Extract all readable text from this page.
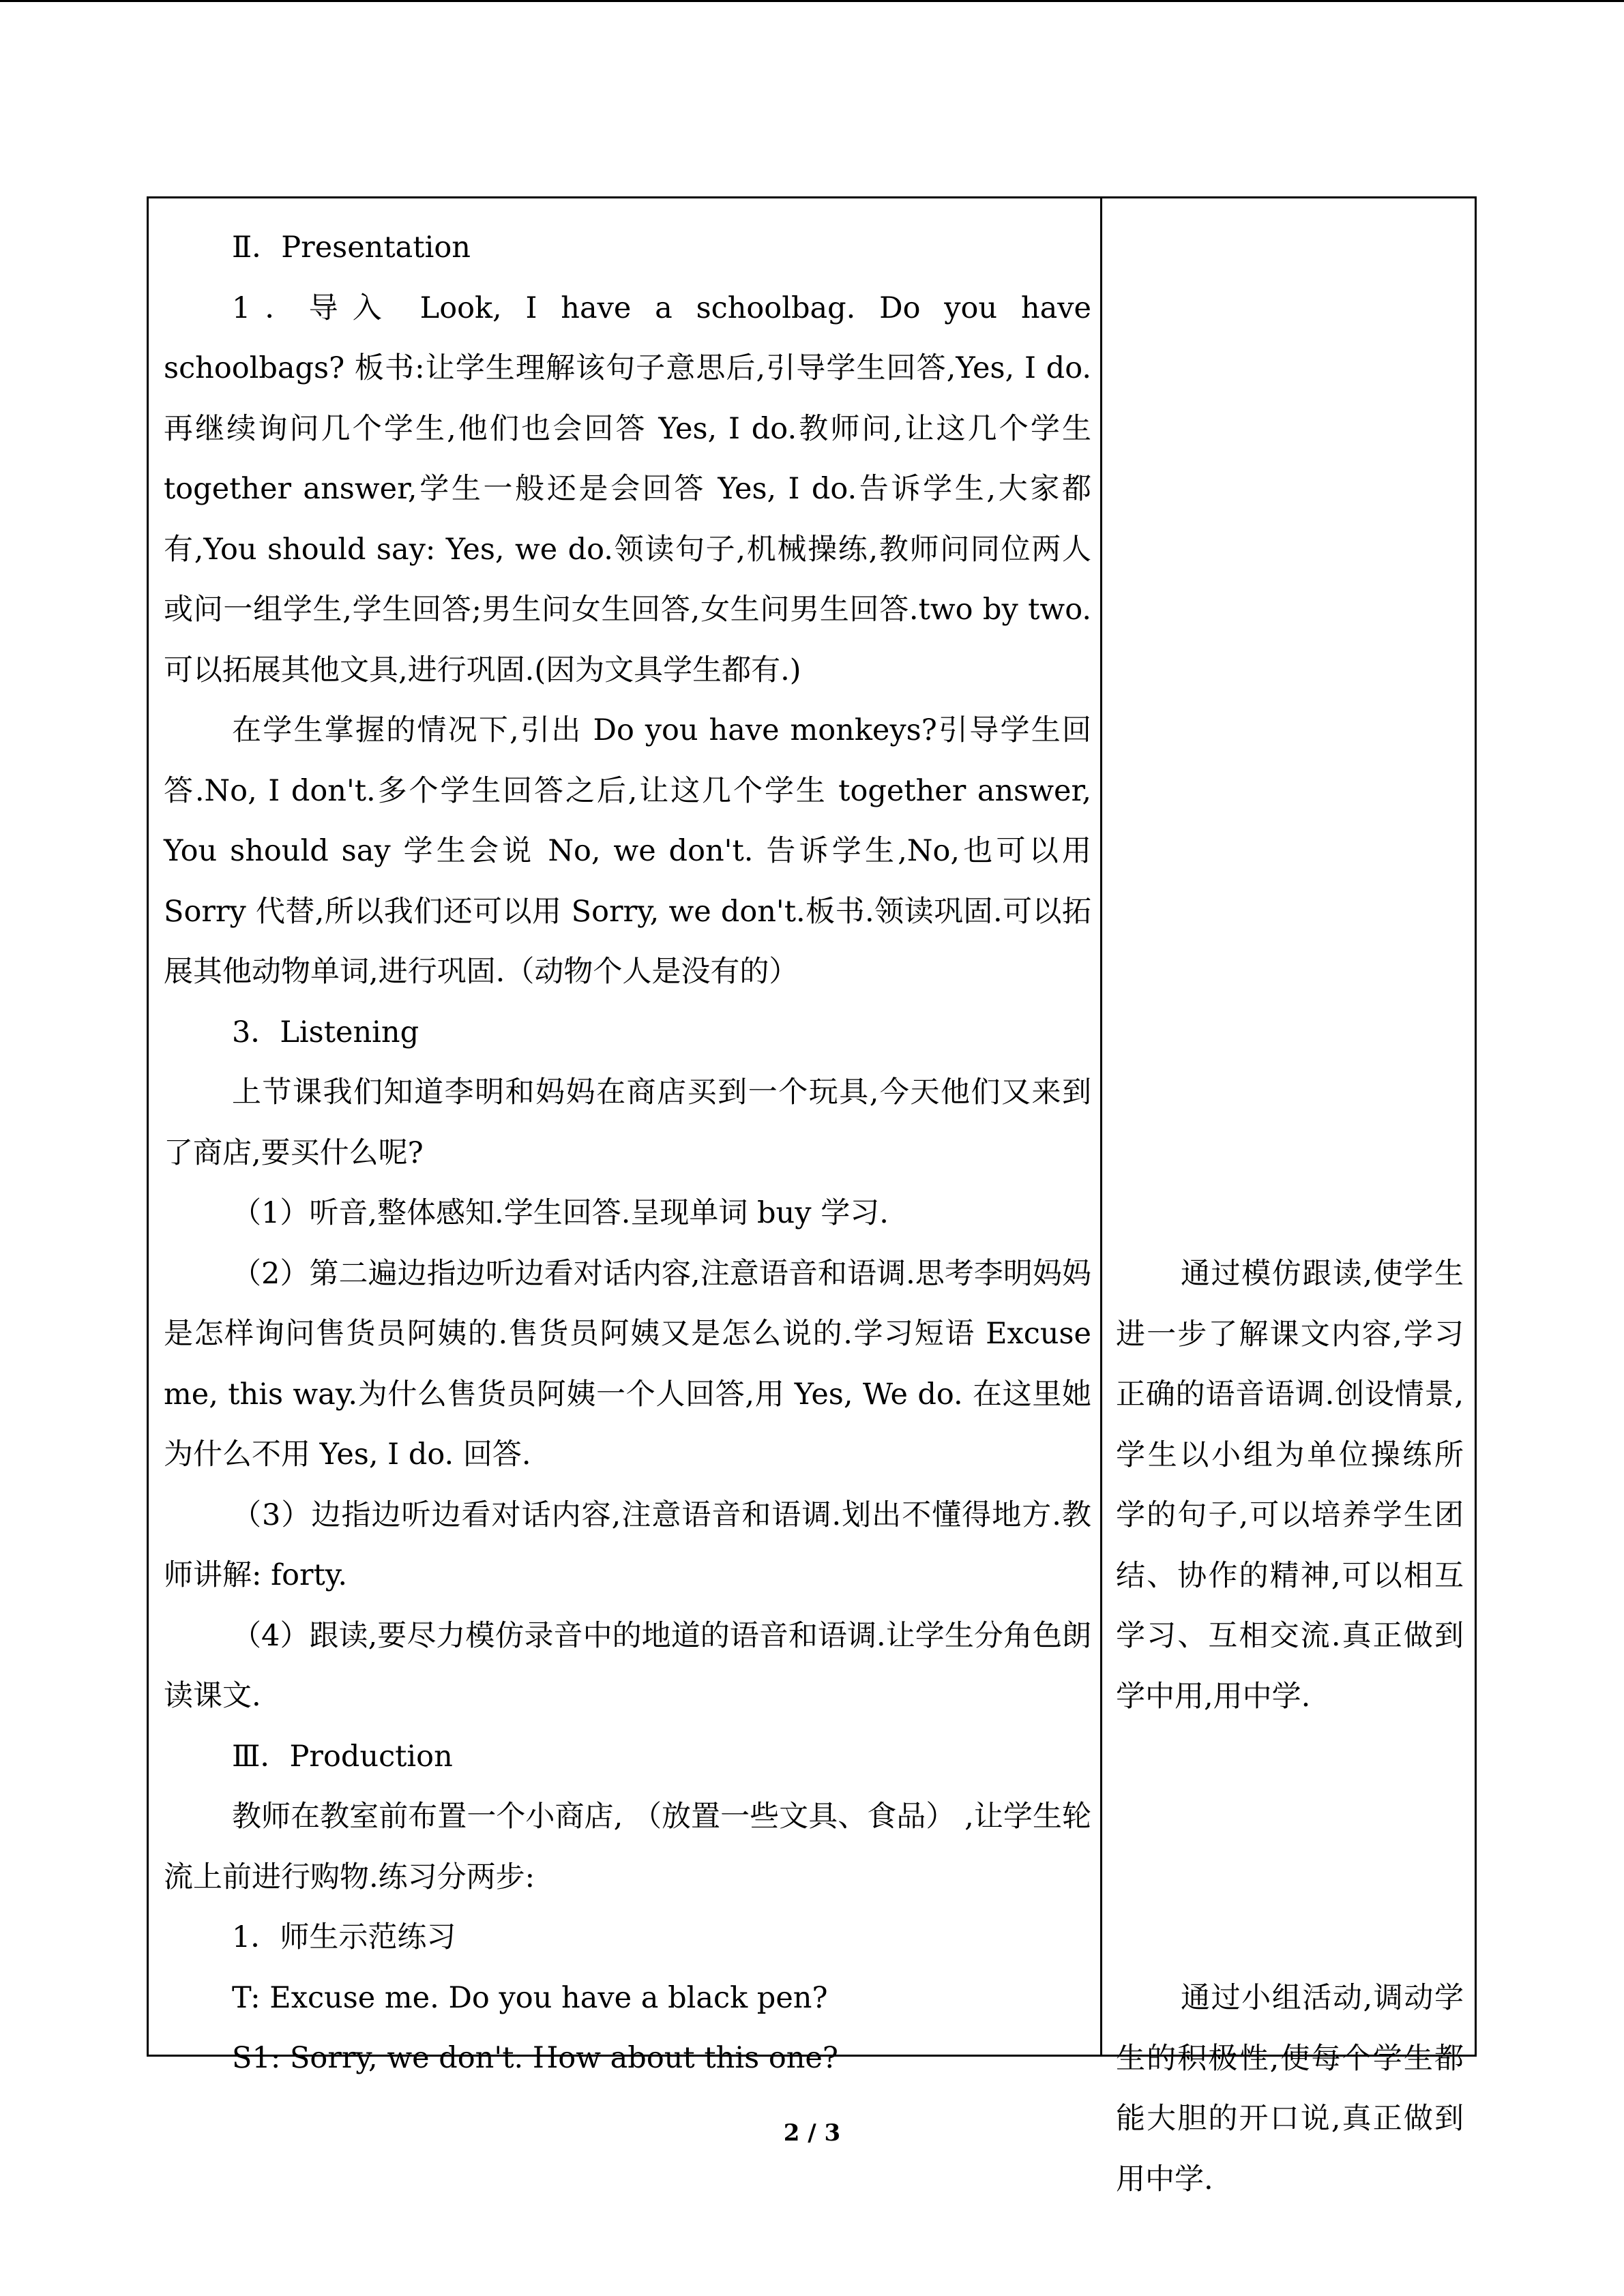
Ⅱ．Presentation

1．导入 Look, I have a schoolbag. Do you have schoolbags? 板书:让学生理解该句子意思后,引导学生回答,Yes, I do.再继续询问几个学生,他们也会回答 Yes, I do.教师问,让这几个学生 together answer,学生一般还是会回答 Yes, I do.告诉学生,大家都有,You should say: Yes, we do.领读句子,机械操练,教师问同位两人或问一组学生,学生回答;男生问女生回答,女生问男生回答.two by two.可以拓展其他文具,进行巩固.(因为文具学生都有.)

在学生掌握的情况下,引出 Do you have monkeys?引导学生回答.No, I don't.多个学生回答之后,让这几个学生 together answer, You should say 学生会说 No, we don't. 告诉学生,No,也可以用 Sorry 代替,所以我们还可以用 Sorry, we don't.板书.领读巩固.可以拓展其他动物单词,进行巩固.（动物个人是没有的）

3．Listening

上节课我们知道李明和妈妈在商店买到一个玩具,今天他们又来到了商店,要买什么呢?

（1）听音,整体感知.学生回答.呈现单词 buy 学习.

（2）第二遍边指边听边看对话内容,注意语音和语调.思考李明妈妈是怎样询问售货员阿姨的.售货员阿姨又是怎么说的.学习短语 Excuse me, this way.为什么售货员阿姨一个人回答,用 Yes, We do. 在这里她为什么不用 Yes, I do. 回答.

（3）边指边听边看对话内容,注意语音和语调.划出不懂得地方.教师讲解: forty.

（4）跟读,要尽力模仿录音中的地道的语音和语调.让学生分角色朗读课文.

Ⅲ．Production

教师在教室前布置一个小商店, （放置一些文具、食品） ,让学生轮流上前进行购物.练习分两步:

1．师生示范练习

T: Excuse me. Do you have a black pen?

S1: Sorry, we don't. How about this one?

通过模仿跟读,使学生进一步了解课文内容,学习正确的语音语调.创设情景,学生以小组为单位操练所学的句子,可以培养学生团结、协作的精神,可以相互学习、互相交流.真正做到学中用,用中学.

通过小组活动,调动学生的积极性,使每个学生都能大胆的开口说,真正做到用中学.

2 / 3
